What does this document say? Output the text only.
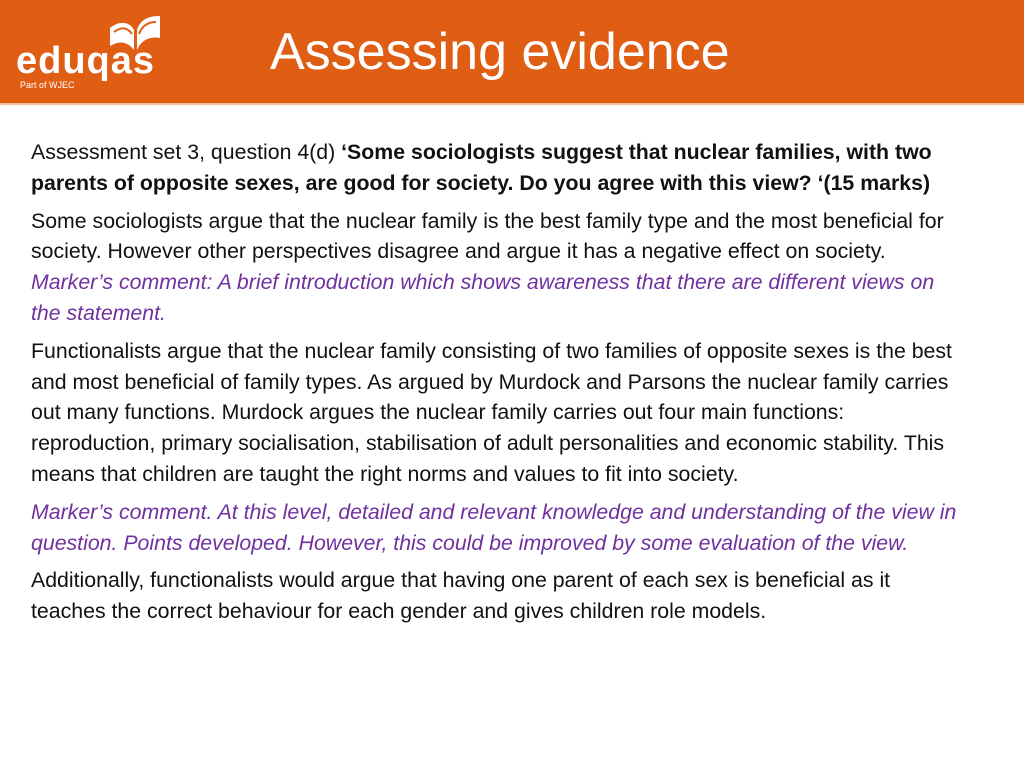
eduqas
Part of WJEC
Assessing evidence

Assessment set 3, question 4(d) ‘Some sociologists suggest that nuclear families, with two parents of opposite sexes, are good for society. Do you agree with this view? ‘(15 marks)

Some sociologists argue that the nuclear family is the best family type and the most beneficial for society. However other perspectives disagree and argue it has a negative effect on society. Marker’s comment: A brief introduction which shows awareness that there are different views on the statement.

Functionalists argue that the nuclear family consisting of two families of opposite sexes is the best and most beneficial of family types. As argued by Murdock and Parsons the nuclear family carries out many functions. Murdock argues the nuclear family carries out four main functions: reproduction, primary socialisation, stabilisation of adult personalities and economic stability. This means that children are taught the right norms and values to fit into society.

Marker’s comment. At this level, detailed and relevant knowledge and understanding of the view in question. Points developed. However, this could be improved by some evaluation of the view.

Additionally, functionalists would argue that having one parent of each sex is beneficial as it teaches the correct behaviour for each gender and gives children role models.
